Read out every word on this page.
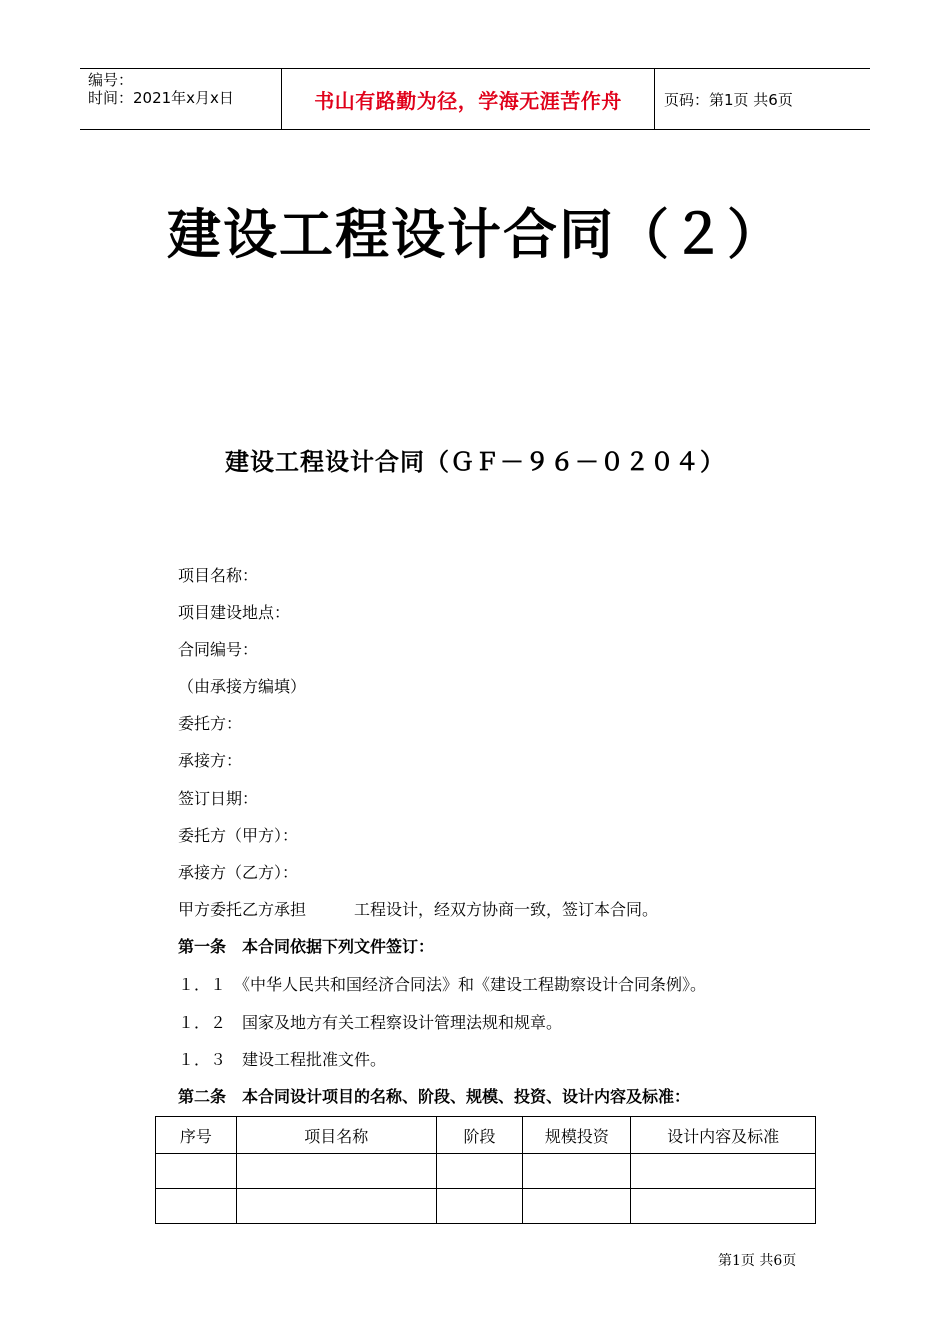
编号：
时间：2021年x月x日	书山有路勤为径，学海无涯苦作舟	页码：第1页 共6页
建设工程设计合同（２）
建设工程设计合同（ＧＦ－９６－０２０４）
项目名称：
项目建设地点：
合同编号：
（由承接方编填）
委托方：
承接方：
签订日期：
委托方（甲方）：
承接方（乙方）：
甲方委托乙方承担　　　工程设计，经双方协商一致，签订本合同。
第一条　本合同依据下列文件签订：
１．１　《中华人民共和国经济合同法》和《建设工程勘察设计合同条例》。
１．２　国家及地方有关工程察设计管理法规和规章。
１．３　建设工程批准文件。
第二条　本合同设计项目的名称、阶段、规模、投资、设计内容及标准：
序号	项目名称	阶段	规模投资	设计内容及标准

第1页 共6页
